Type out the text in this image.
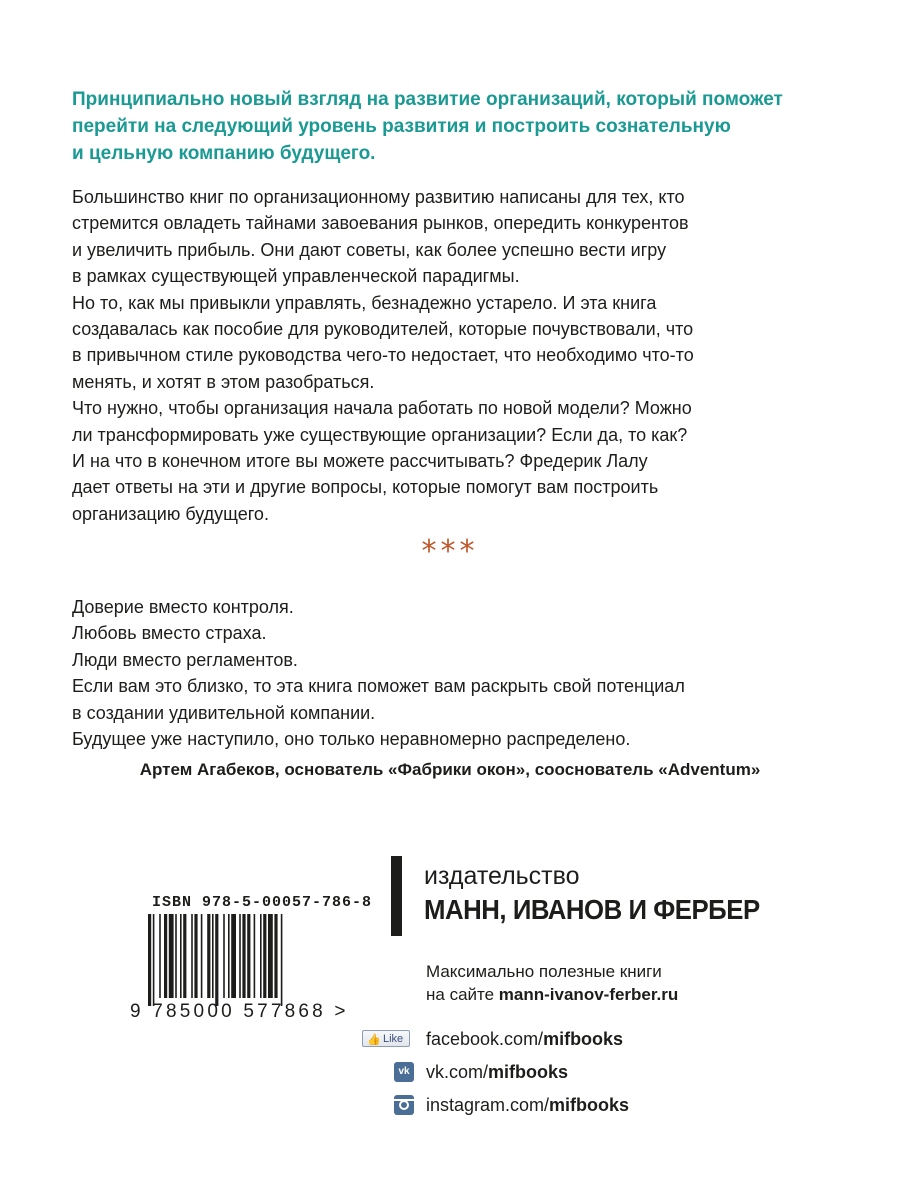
Принципиально новый взгляд на развитие организаций, который поможет
перейти на следующий уровень развития и построить сознательную
и цельную компанию будущего.
Большинство книг по организационному развитию написаны для тех, кто
стремится овладеть тайнами завоевания рынков, опередить конкурентов
и увеличить прибыль. Они дают советы, как более успешно вести игру
в рамках существующей управленческой парадигмы.
Но то, как мы привыкли управлять, безнадежно устарело. И эта книга
создавалась как пособие для руководителей, которые почувствовали, что
в привычном стиле руководства чего-то недостает, что необходимо что-то
менять, и хотят в этом разобраться.
Что нужно, чтобы организация начала работать по новой модели? Можно
ли трансформировать уже существующие организации? Если да, то как?
И на что в конечном итоге вы можете рассчитывать? Фредерик Лалу
дает ответы на эти и другие вопросы, которые помогут вам построить
организацию будущего.
***
Доверие вместо контроля.
Любовь вместо страха.
Люди вместо регламентов.
Если вам это близко, то эта книга поможет вам раскрыть свой потенциал
в создании удивительной компании.
Будущее уже наступило, оно только неравномерно распределено.
Артем Агабеков, основатель «Фабрики окон», сооснователь «Adventum»
ISBN 978-5-00057-786-8
9 785000 577868 >
издательство
МАНН, ИВАНОВ И ФЕРБЕР
Максимально полезные книги
на сайте mann-ivanov-ferber.ru
👍 Like facebook.com/mifbooks
vk vk.com/mifbooks
instagram.com/mifbooks
